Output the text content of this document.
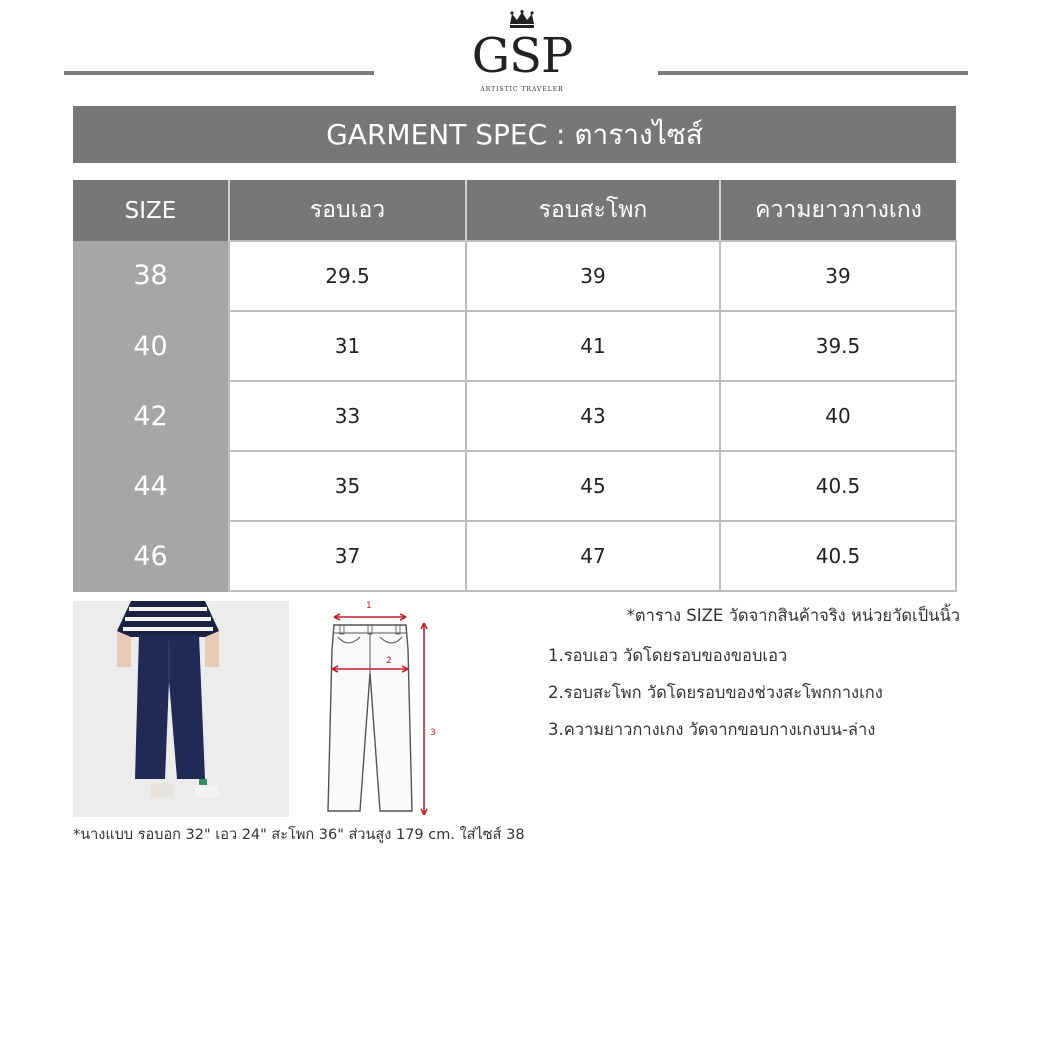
GSP
ARTISTIC TRAVELER
GARMENT SPEC : ตารางไซส์
SIZE	รอบเอว	รอบสะโพก	ความยาวกางเกง
38	29.5	39	39
40	31	41	39.5
42	33	43	40
44	35	45	40.5
46	37	47	40.5
1
2
3
*ตาราง SIZE วัดจากสินค้าจริง หน่วยวัดเป็นนิ้ว
1.รอบเอว วัดโดยรอบของขอบเอว
2.รอบสะโพก วัดโดยรอบของช่วงสะโพกกางเกง
3.ความยาวกางเกง วัดจากขอบกางเกงบน-ล่าง
*นางแบบ รอบอก 32" เอว 24" สะโพก 36" ส่วนสูง 179 cm. ใส่ไซส์ 38
